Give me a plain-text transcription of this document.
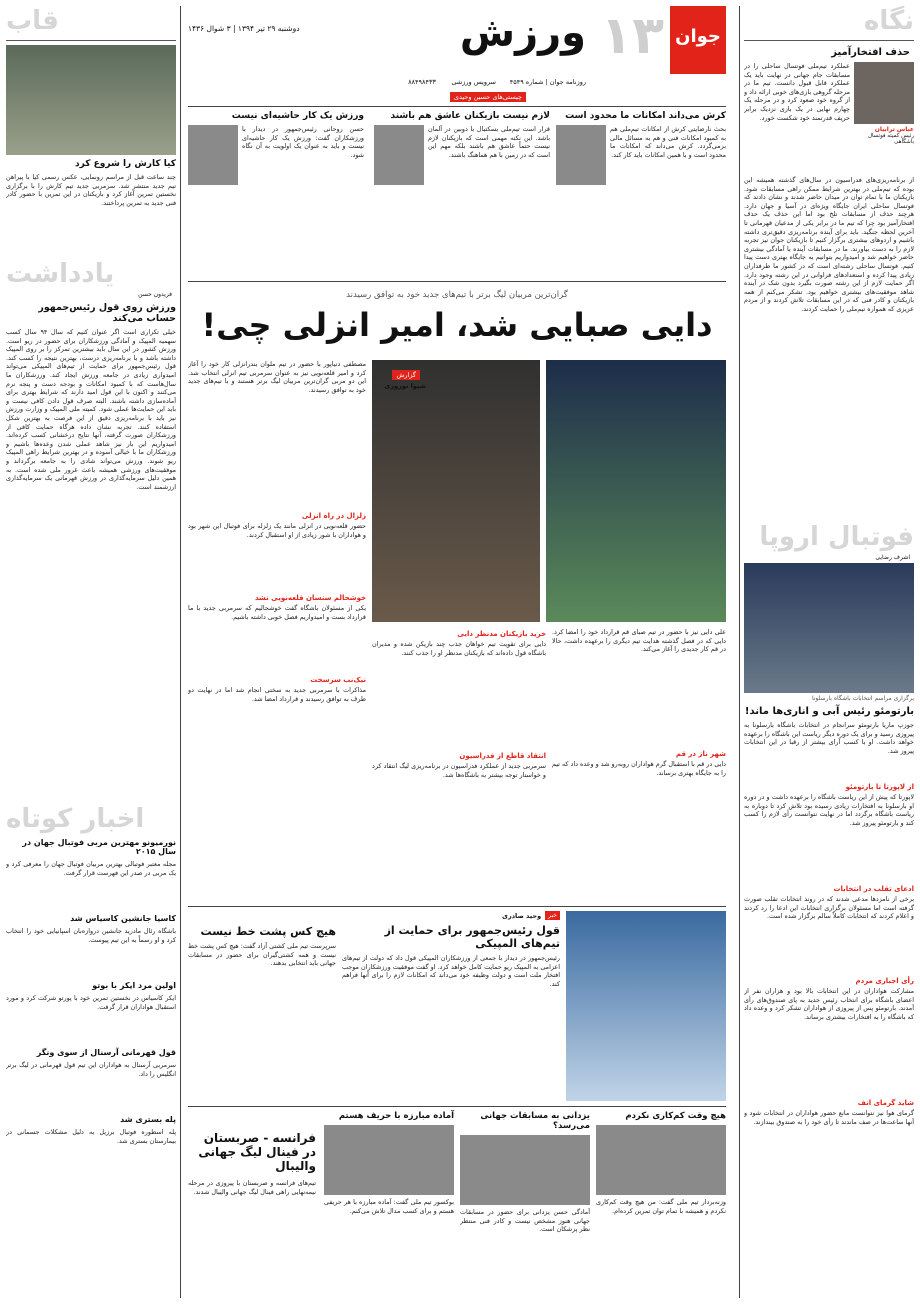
نگاه
حذف افتخارآمیز
عباس ترابیان
رئیس کمیته فوتسال باشگاهی
عملکرد تیم‌ملی فوتسال ساحلی را در مسابقات جام جهانی در نهایت باید یک عملکرد قابل قبول دانست. تیم ما در مرحله گروهی بازی‌های خوبی ارائه داد و از گروه خود صعود کرد و در مرحله یک چهارم نهایی در یک بازی نزدیک برابر حریف قدرتمند خود شکست خورد.
از برنامه‌ریزی‌های فدراسیون در سال‌های گذشته همیشه این بوده که تیم‌ملی در بهترین شرایط ممکن راهی مسابقات شود. بازیکنان ما با تمام توان در میدان حاضر شدند و نشان دادند که فوتسال ساحلی ایران جایگاه ویژه‌ای در آسیا و جهان دارد. هرچند حذف از مسابقات تلخ بود اما این حذف یک حذف افتخارآمیز بود چرا که تیم ما در برابر یکی از مدعیان قهرمانی تا آخرین لحظه جنگید. باید برای آینده برنامه‌ریزی دقیق‌تری داشته باشیم و اردوهای بیشتری برگزار کنیم تا بازیکنان جوان نیز تجربه لازم را به دست بیاورند. ما در مسابقات آینده با آمادگی بیشتری حاضر خواهیم شد و امیدواریم بتوانیم به جایگاه بهتری دست پیدا کنیم. فوتسال ساحلی رشته‌ای است که در کشور ما طرفداران زیادی پیدا کرده و استعدادهای فراوانی در این رشته وجود دارد. اگر حمایت لازم از این رشته صورت بگیرد بدون شک در آینده شاهد موفقیت‌های بیشتری خواهیم بود. تشکر می‌کنم از همه بازیکنان و کادر فنی که در این مسابقات تلاش کردند و از مردم عزیزی که همواره تیم‌ملی را حمایت کردند.
فوتبال اروپا
اشرف رضایی
برگزاری مراسم انتخابات باشگاه بارسلونا
بارتومئو رئیس آبی و اناری‌ها ماند!
جوزپ ماریا بارتومئو سرانجام در انتخابات باشگاه بارسلونا به پیروزی رسید و برای یک دوره دیگر ریاست این باشگاه را برعهده خواهد داشت. او با کسب آرای بیشتر از رقبا در این انتخابات پیروز شد.
از لاپورتا تا بارتومئو
لاپورتا که پیش از این ریاست باشگاه را برعهده داشت و در دوره او بارسلونا به افتخارات زیادی رسیده بود تلاش کرد تا دوباره به ریاست باشگاه برگردد اما در نهایت نتوانست رأی لازم را کسب کند و بارتومئو پیروز شد.
ادعای تقلب در انتخابات
برخی از نامزدها مدعی شدند که در روند انتخابات تقلب صورت گرفته است اما مسئولان برگزاری انتخابات این ادعا را رد کردند و اعلام کردند که انتخابات کاملاً سالم برگزار شده است.
رأی اجباری مردم
مشارکت هواداران در این انتخابات بالا بود و هزاران نفر از اعضای باشگاه برای انتخاب رئیس جدید به پای صندوق‌های رأی آمدند. بارتومئو پس از پیروزی از هواداران تشکر کرد و وعده داد که باشگاه را به افتخارات بیشتری برساند.
شاید گرمای انف
گرمای هوا نیز نتوانست مانع حضور هواداران در انتخابات شود و آنها ساعت‌ها در صف ماندند تا رأی خود را به صندوق بیندازند.
قاب
کیا کارش را شروع کرد
چند ساعت قبل از مراسم رونمایی، عکس رسمی کیا با پیراهن تیم جدید منتشر شد. سرمربی جدید تیم کارش را با برگزاری نخستین تمرین آغاز کرد و بازیکنان در این تمرین با حضور کادر فنی جدید به تمرین پرداختند.
یادداشت
فریدون حسن
ورزش روی قول رئیس‌جمهور حساب می‌کند
خیلی تکراری است اگر عنوان کنیم که سال ۹۴ سال کسب سهمیه المپیک و آمادگی ورزشکاران برای حضور در ریو است. ورزش کشور در این سال باید بیشترین تمرکز را بر روی المپیک داشته باشد و با برنامه‌ریزی درست، بهترین نتیجه را کسب کند. قول رئیس‌جمهور برای حمایت از تیم‌های المپیکی می‌تواند امیدواری زیادی در جامعه ورزش ایجاد کند. ورزشکاران ما سال‌هاست که با کمبود امکانات و بودجه دست و پنجه نرم می‌کنند و اکنون با این قول امید دارند که شرایط بهتری برای آماده‌سازی داشته باشند. البته صرف قول دادن کافی نیست و باید این حمایت‌ها عملی شود. کمیته ملی المپیک و وزارت ورزش نیز باید با برنامه‌ریزی دقیق از این فرصت به بهترین شکل استفاده کنند. تجربه نشان داده هرگاه حمایت کافی از ورزشکاران صورت گرفته، آنها نتایج درخشانی کسب کرده‌اند. امیدواریم این بار نیز شاهد عملی شدن وعده‌ها باشیم و ورزشکاران ما با خیالی آسوده و در بهترین شرایط راهی المپیک ریو شوند. ورزش می‌تواند شادی را به جامعه برگرداند و موفقیت‌های ورزشی همیشه باعث غرور ملی شده است. به همین دلیل سرمایه‌گذاری در ورزش قهرمانی یک سرمایه‌گذاری ارزشمند است.
اخبار کوتاه
نورمیونو مهترین مربی فوتبال جهان در سال ۲۰۱۵
مجله معتبر فوتبالی بهترین مربیان فوتبال جهان را معرفی کرد و یک مربی در صدر این فهرست قرار گرفت.
کاسیا جانشین کاسیاس شد
باشگاه رئال مادرید جانشین دروازه‌بان اسپانیایی خود را انتخاب کرد و او رسماً به این تیم پیوست.
اولین مرد ایکر با بوتو
ایکر کاسیاس در نخستین تمرین خود با پورتو شرکت کرد و مورد استقبال هواداران قرار گرفت.
قول قهرمانی آرسنال از سوی ونگر
سرمربی آرسنال به هواداران این تیم قول قهرمانی در لیگ برتر انگلیس را داد.
پله بستری شد
پله اسطوره فوتبال برزیل به دلیل مشکلات جسمانی در بیمارستان بستری شد.
جوان
۱۳
ورزش
دوشنبه ۲۹ تیر ۱۳۹۴ | ۳ شوال ۱۴۳۶
روزنامه جوان | شماره ۴۵۴۹
سرویس ورزشی
۸۸۴۹۸۴۳۳
چیستی‌های حسین وحیدی
کرش می‌داند امکانات ما محدود است
بحث نارضایتی کرش از امکانات تیم‌ملی هم به کمبود امکانات فنی و هم به مسائل مالی برمی‌گردد. کرش می‌داند که امکانات ما محدود است و با همین امکانات باید کار کند.
لازم نیست بازیکنان عاشق هم باشند
قرار است تیم‌ملی بسکتبال با دوبین در آلمان باشد. این نکته مهمی است که بازیکنان لازم نیست حتماً عاشق هم باشند بلکه مهم این است که در زمین با هم هماهنگ باشند.
ورزش یک کار حاشیه‌ای نیست
حسن روحانی رئیس‌جمهور در دیدار با ورزشکاران گفت: ورزش یک کار حاشیه‌ای نیست و باید به عنوان یک اولویت به آن نگاه شود.
گران‌ترین مربیان لیگ برتر با تیم‌های جدید خود به توافق رسیدند
دایی صبایی شد، امیر انزلی چی!
گزارش
شیوا نوروزی
مصطفی دنیاپور با حضور در تیم ملوان بندرانزلی کار خود را آغاز کرد و امیر قلعه‌نویی نیز به عنوان سرمربی تیم انزلی انتخاب شد. این دو مربی گران‌ترین مربیان لیگ برتر هستند و با تیم‌های جدید خود به توافق رسیدند.
زلزال در راه انزلی
حضور قلعه‌نویی در انزلی مانند یک زلزله برای فوتبال این شهر بود و هواداران با شور زیادی از او استقبال کردند.
خوشحالم سنسان قلعه‌نویی نشد
یکی از مسئولان باشگاه گفت خوشحالیم که سرمربی جدید با ما قرارداد بست و امیدواریم فصل خوبی داشته باشیم.
نیک‌نب سرسخت
مذاکرات با سرمربی جدید به سختی انجام شد اما در نهایت دو طرف به توافق رسیدند و قرارداد امضا شد.
علی دایی نیز با حضور در تیم صبای قم قرارداد خود را امضا کرد. دایی که در فصل گذشته هدایت تیم دیگری را برعهده داشت، حالا در قم کار جدیدی را آغاز می‌کند.
شهر ناز در قم
دایی در قم با استقبال گرم هواداران روبه‌رو شد و وعده داد که تیم را به جایگاه بهتری برساند.
خرید بازیکنان مدنظر دایی
دایی برای تقویت تیم خواهان جذب چند بازیکن شده و مدیران باشگاه قول داده‌اند که بازیکنان مدنظر او را جذب کنند.
انتقاد قاطع از فدراسیون
سرمربی جدید از عملکرد فدراسیون در برنامه‌ریزی لیگ انتقاد کرد و خواستار توجه بیشتر به باشگاه‌ها شد.
خبر
وحید صادری
قول رئیس‌جمهور برای حمایت از تیم‌های المپیکی
رئیس‌جمهور در دیدار با جمعی از ورزشکاران المپیکی قول داد که دولت از تیم‌های اعزامی به المپیک ریو حمایت کامل خواهد کرد. او گفت موفقیت ورزشکاران موجب افتخار ملت است و دولت وظیفه خود می‌داند که امکانات لازم را برای آنها فراهم کند.
هیچ کس پشت خط نیست
سرپرست تیم ملی کشتی آزاد گفت: هیچ کس پشت خط نیست و همه کشتی‌گیران برای حضور در مسابقات جهانی باید انتخابی بدهند.
هیچ وقت کم‌کاری نکردم
وزنه‌بردار تیم ملی گفت: من هیچ وقت کم‌کاری نکردم و همیشه با تمام توان تمرین کرده‌ام.
یزدانی به مسابقات جهانی می‌رسد؟
آمادگی حسن یزدانی برای حضور در مسابقات جهانی هنوز مشخص نیست و کادر فنی منتظر نظر پزشکان است.
آماده مبارزه با حریف هستم
بوکسور تیم ملی گفت: آماده مبارزه با هر حریفی هستم و برای کسب مدال تلاش می‌کنم.
فرانسه - صربستان در فینال لیگ جهانی والیبال
تیم‌های فرانسه و صربستان با پیروزی در مرحله نیمه‌نهایی راهی فینال لیگ جهانی والیبال شدند.
